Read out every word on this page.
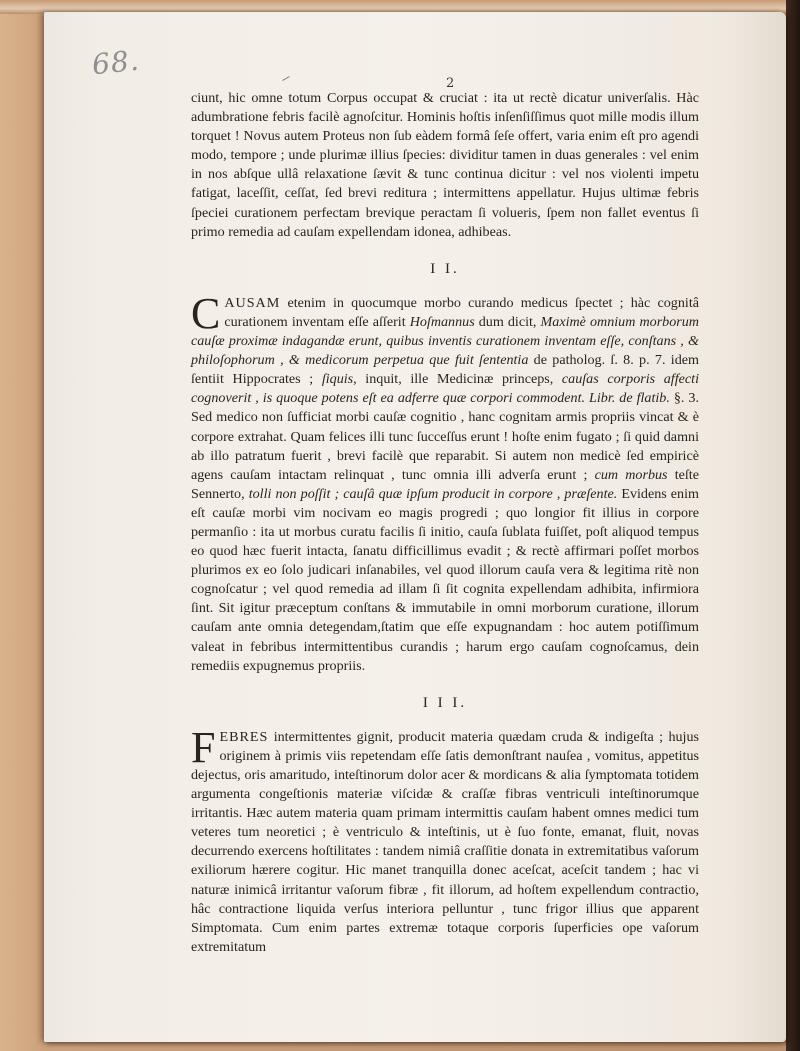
68.
2

ciunt, hic omne totum Corpus occupat & cruciat : ita ut rectè dicatur univerſalis. Hàc adumbratione febris facilè agnoſcitur. Hominis hoſtis inſenſiſſimus quot mille modis illum torquet ! Novus autem Proteus non ſub eàdem formâ ſeſe offert, varia enim eſt pro agendi modo, tempore ; unde plurimæ illius ſpecies: dividitur tamen in duas generales : vel enim in nos abſque ullâ relaxatione ſævit & tunc continua dicitur : vel nos violenti impetu fatigat, laceſſit, ceſſat, ſed brevi reditura ; intermittens appellatur. Hujus ultimæ febris ſpeciei curationem perfectam brevique peractam ſi volueris, ſpem non fallet eventus ſi primo remedia ad cauſam expellendam idonea, adhibeas.

I I.

CAUSAM etenim in quocumque morbo curando medicus ſpectet ; hàc cognitâ curationem inventam eſſe aſſerit Hoſmannus dum dicit, Maximè omnium morborum cauſæ proximæ indagandæ erunt, quibus inventis curationem inventam eſſe, conſtans , & philoſophorum , & medicorum perpetua que fuit ſententia de patholog. ſ. 8. p. 7. idem ſentiit Hippocrates ; ſiquis, inquit, ille Medicinæ princeps, cauſas corporis affecti cognoverit , is quoque potens eſt ea adferre quæ corpori commodent. Libr. de flatib. §. 3. Sed medico non ſufficiat morbi cauſæ cognitio , hanc cognitam armis propriis vincat & è corpore extrahat. Quam felices illi tunc ſucceſſus erunt ! hoſte enim fugato ; ſi quid damni ab illo patratum fuerit , brevi facilè que reparabit. Si autem non medicè ſed empiricè agens cauſam intactam relinquat , tunc omnia illi adverſa erunt ; cum morbus teſte Sennerto, tolli non poſſit ; cauſâ quæ ipſum producit in corpore , præſente. Evidens enim eſt cauſæ morbi vim nocivam eo magis progredi ; quo longior fit illius in corpore permanſio : ita ut morbus curatu facilis ſi initio, cauſa ſublata fuiſſet, poſt aliquod tempus eo quod hæc fuerit intacta, ſanatu difficillimus evadit ; & rectè affirmari poſſet morbos plurimos ex eo ſolo judicari inſanabiles, vel quod illorum cauſa vera & legitima ritè non cognoſcatur ; vel quod remedia ad illam ſi ſit cognita expellendam adhibita, infirmiora ſint. Sit igitur præceptum conſtans & immutabile in omni morborum curatione, illorum cauſam ante omnia detegendam,ſtatim que eſſe expugnandam : hoc autem potiſſimum valeat in febribus intermittentibus curandis ; harum ergo cauſam cognoſcamus, dein remediis expugnemus propriis.

I I I.

FEBRES intermittentes gignit, producit materia quædam cruda & indigeſta ; hujus originem à primis viis repetendam eſſe ſatis demonſtrant nauſea , vomitus, appetitus dejectus, oris amaritudo, inteſtinorum dolor acer & mordicans & alia ſymptomata totidem argumenta congeſtionis materiæ viſcidæ & craſſæ fibras ventriculi inteſtinorumque irritantis. Hæc autem materia quam primam intermittis cauſam habent omnes medici tum veteres tum neoretici ; è ventriculo & inteſtinis, ut è ſuo fonte, emanat, fluit, novas decurrendo exercens hoſtilitates : tandem nimiâ craſſitie donata in extremitatibus vaſorum exiliorum hærere cogitur. Hic manet tranquilla donec aceſcat, aceſcit tandem ; hac vi naturæ inimicâ irritantur vaſorum fibræ , fit illorum, ad hoſtem expellendum contractio, hâc contractione liquida verſus interiora pelluntur , tunc frigor illius que apparent Simptomata. Cum enim partes extremæ totaque corporis ſuperficies ope vaſorum extremitatum
